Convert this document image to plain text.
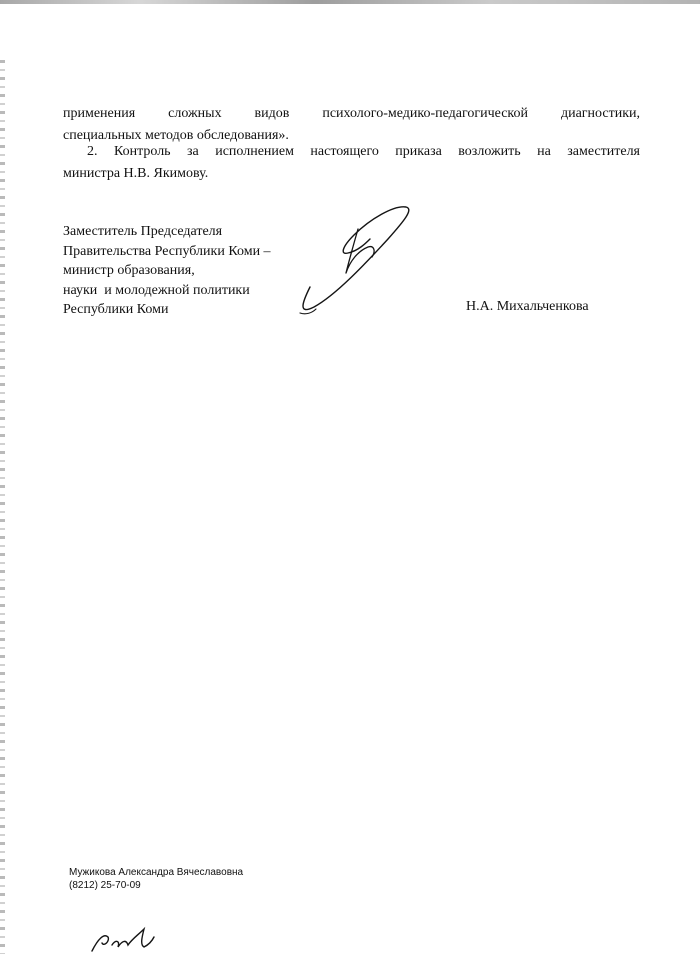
применения сложных видов психолого-медико-педагогической диагностики,
специальных методов обследования».

2. Контроль за исполнением настоящего приказа возложить на заместителя
министра Н.В. Якимову.

Заместитель Председателя
Правительства Республики Коми –
министр образования,
науки  и молодежной политики
Республики Коми	Н.А. Михальченкова
Мужикова Александра Вячеславовна
(8212) 25-70-09
